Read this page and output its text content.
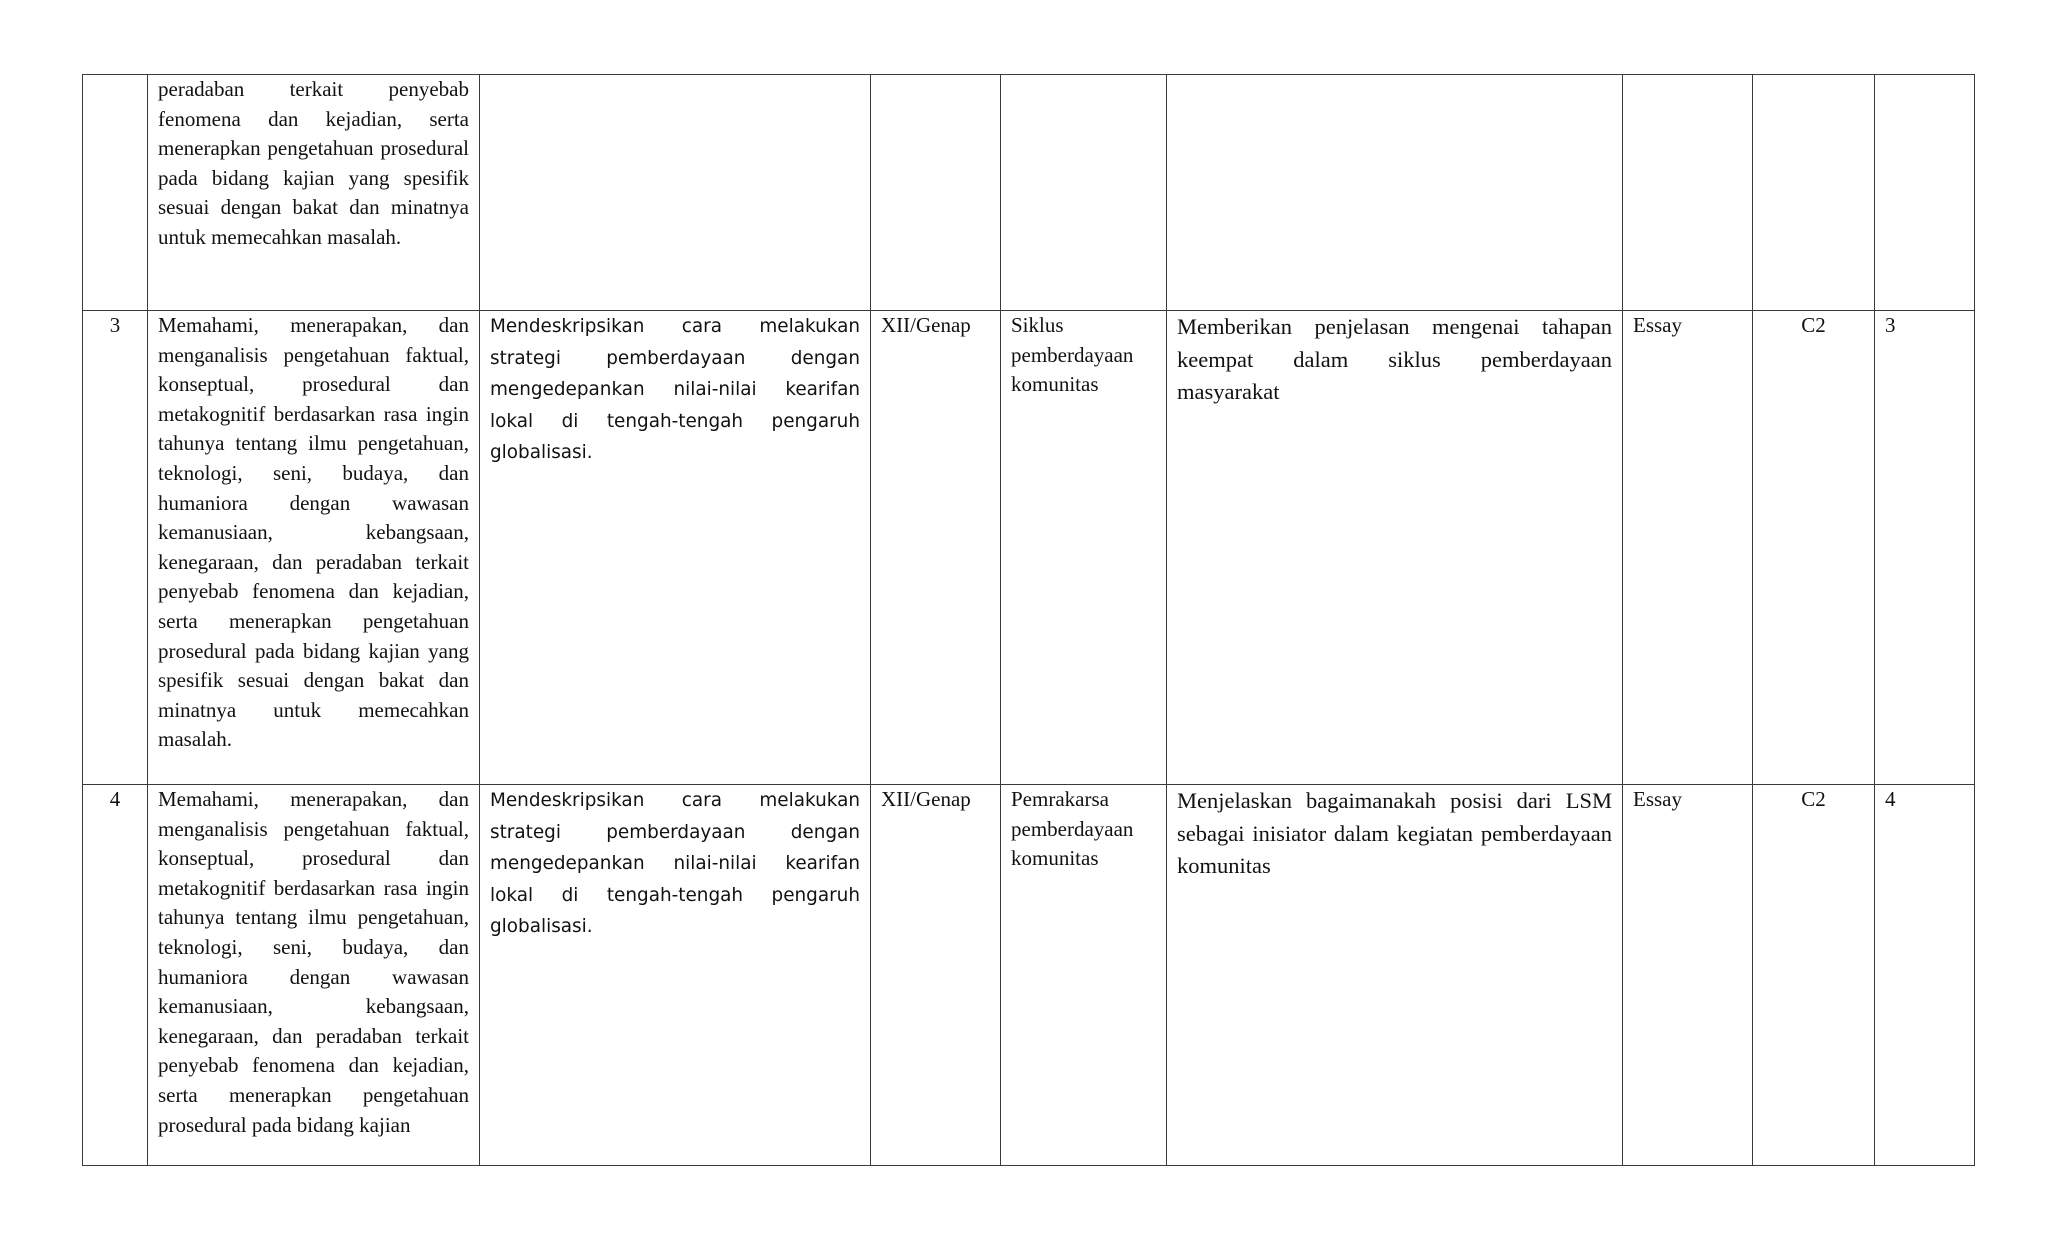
	peradaban terkait penyebab fenomena dan kejadian, serta menerapkan pengetahuan prosedural pada bidang kajian yang spesifik sesuai dengan bakat dan minatnya untuk memecahkan masalah.							
3	Memahami, menerapakan, dan menganalisis pengetahuan faktual, konseptual, prosedural dan metakognitif berdasarkan rasa ingin tahunya tentang ilmu pengetahuan, teknologi, seni, budaya, dan humaniora dengan wawasan kemanusiaan, kebangsaan, kenegaraan, dan peradaban terkait penyebab fenomena dan kejadian, serta menerapkan pengetahuan prosedural pada bidang kajian yang spesifik sesuai dengan bakat dan minatnya untuk memecahkan masalah.	Mendeskripsikan cara melakukan strategi pemberdayaan dengan mengedepankan nilai-nilai kearifan lokal di tengah-tengah pengaruh globalisasi.	XII/Genap	Siklus pemberdayaan komunitas	Memberikan penjelasan mengenai tahapan keempat dalam siklus pemberdayaan masyarakat	Essay	C2	3
4	Memahami, menerapakan, dan menganalisis pengetahuan faktual, konseptual, prosedural dan metakognitif berdasarkan rasa ingin tahunya tentang ilmu pengetahuan, teknologi, seni, budaya, dan humaniora dengan wawasan kemanusiaan, kebangsaan, kenegaraan, dan peradaban terkait penyebab fenomena dan kejadian, serta menerapkan pengetahuan prosedural pada bidang kajian	Mendeskripsikan cara melakukan strategi pemberdayaan dengan mengedepankan nilai-nilai kearifan lokal di tengah-tengah pengaruh globalisasi.	XII/Genap	Pemrakarsa pemberdayaan komunitas	Menjelaskan bagaimanakah posisi dari LSM sebagai inisiator dalam kegiatan pemberdayaan komunitas	Essay	C2	4
